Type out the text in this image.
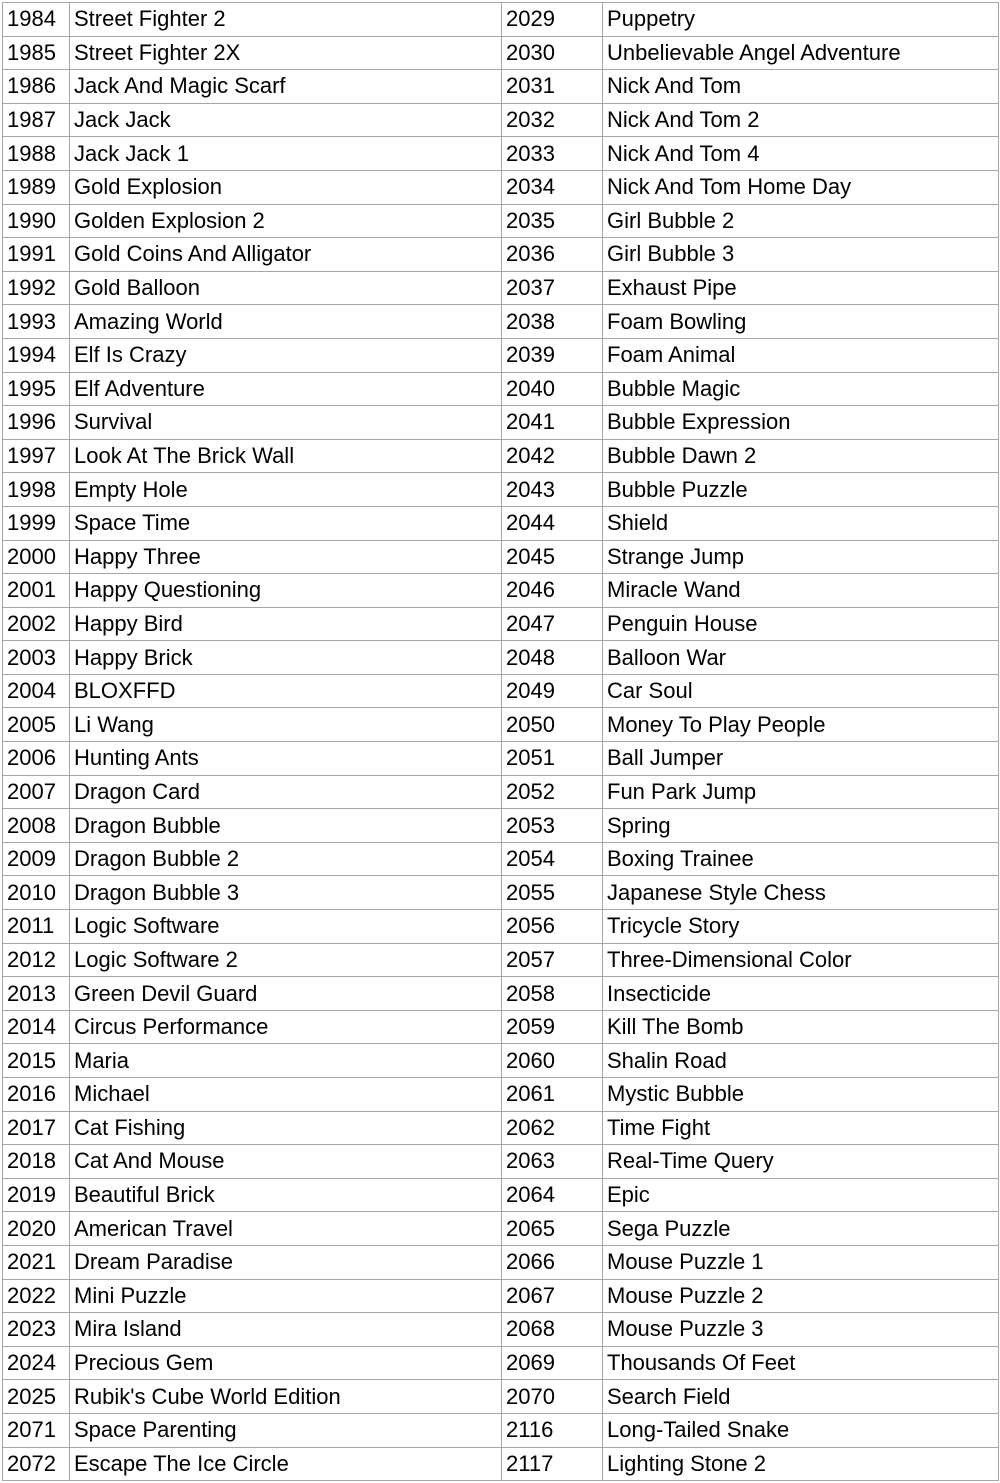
1984	Street Fighter 2	2029	Puppetry
1985	Street Fighter 2X	2030	Unbelievable Angel Adventure
1986	Jack And Magic Scarf	2031	Nick And Tom
1987	Jack Jack	2032	Nick And Tom 2
1988	Jack Jack 1	2033	Nick And Tom 4
1989	Gold Explosion	2034	Nick And Tom Home Day
1990	Golden Explosion 2	2035	Girl Bubble 2
1991	Gold Coins And Alligator	2036	Girl Bubble 3
1992	Gold Balloon	2037	Exhaust Pipe
1993	Amazing World	2038	Foam Bowling
1994	Elf Is Crazy	2039	Foam Animal
1995	Elf Adventure	2040	Bubble Magic
1996	Survival	2041	Bubble Expression
1997	Look At The Brick Wall	2042	Bubble Dawn 2
1998	Empty Hole	2043	Bubble Puzzle
1999	Space Time	2044	Shield
2000	Happy Three	2045	Strange Jump
2001	Happy Questioning	2046	Miracle Wand
2002	Happy Bird	2047	Penguin House
2003	Happy Brick	2048	Balloon War
2004	BLOXFFD	2049	Car Soul
2005	Li Wang	2050	Money To Play People
2006	Hunting Ants	2051	Ball Jumper
2007	Dragon Card	2052	Fun Park Jump
2008	Dragon Bubble	2053	Spring
2009	Dragon Bubble 2	2054	Boxing Trainee
2010	Dragon Bubble 3	2055	Japanese Style Chess
2011	Logic Software	2056	Tricycle Story
2012	Logic Software 2	2057	Three-Dimensional Color
2013	Green Devil Guard	2058	Insecticide
2014	Circus Performance	2059	Kill The Bomb
2015	Maria	2060	Shalin Road
2016	Michael	2061	Mystic Bubble
2017	Cat Fishing	2062	Time Fight
2018	Cat And Mouse	2063	Real-Time Query
2019	Beautiful Brick	2064	Epic
2020	American Travel	2065	Sega Puzzle
2021	Dream Paradise	2066	Mouse Puzzle 1
2022	Mini Puzzle	2067	Mouse Puzzle 2
2023	Mira Island	2068	Mouse Puzzle 3
2024	Precious Gem	2069	Thousands Of Feet
2025	Rubik's Cube World Edition	2070	Search Field
2071	Space Parenting	2116	Long-Tailed Snake
2072	Escape The Ice Circle	2117	Lighting Stone 2
